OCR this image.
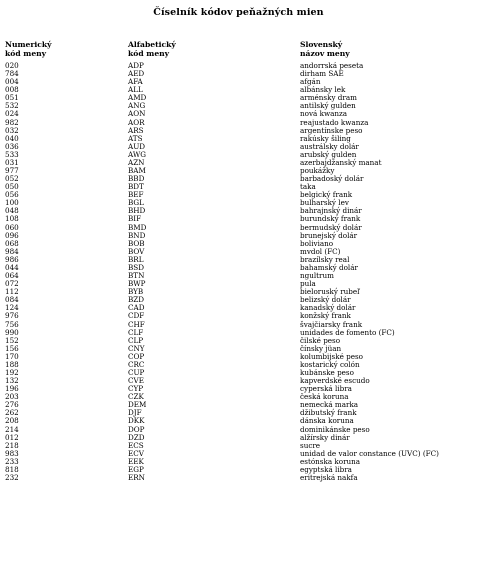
Číselník kódov peňažných mien
Numerický
kód meny
Alfabetický
kód meny
Slovenský
názov meny
020	ADP	andorrská peseta
784	AED	dirham SAE
004	AFA	afgán
008	ALL	albánsky lek
051	AMD	arménsky dram
532	ANG	antilský gulden
024	AON	nová kwanza
982	AOR	reajustado kwanza
032	ARS	argentínske peso
040	ATS	rakúsky šiling
036	AUD	austrálsky dolár
533	AWG	arubský gulden
031	AZN	azerbajdžanský manat
977	BAM	poukážky
052	BBD	barbadoský dolár
050	BDT	taka
056	BEF	belgický frank
100	BGL	bulharský lev
048	BHD	bahrajnský dinár
108	BIF	burundský frank
060	BMD	bermudský dolár
096	BND	brunejský dolár
068	BOB	boliviano
984	BOV	mvdol (FC)
986	BRL	brazílsky real
044	BSD	bahamský dolár
064	BTN	ngultrum
072	BWP	pula
112	BYB	bieloruský rubeľ
084	BZD	belizský dolár
124	CAD	kanadský dolár
976	CDF	konžský frank
756	CHF	švajčiarsky frank
990	CLF	unidades de fomento (FC)
152	CLP	čilské peso
156	CNY	čínsky jüan
170	COP	kolumbijské peso
188	CRC	kostarický colón
192	CUP	kubánske peso
132	CVE	kapverdské escudo
196	CYP	cyperská libra
203	CZK	česká koruna
276	DEM	nemecká marka
262	DJF	džibutský frank
208	DKK	dánska koruna
214	DOP	dominikánske peso
012	DZD	alžírsky dinár
218	ECS	sucre
983	ECV	unidad de valor constance (UVC) (FC)
233	EEK	estónska koruna
818	EGP	egyptská libra
232	ERN	eritrejská nakfa
